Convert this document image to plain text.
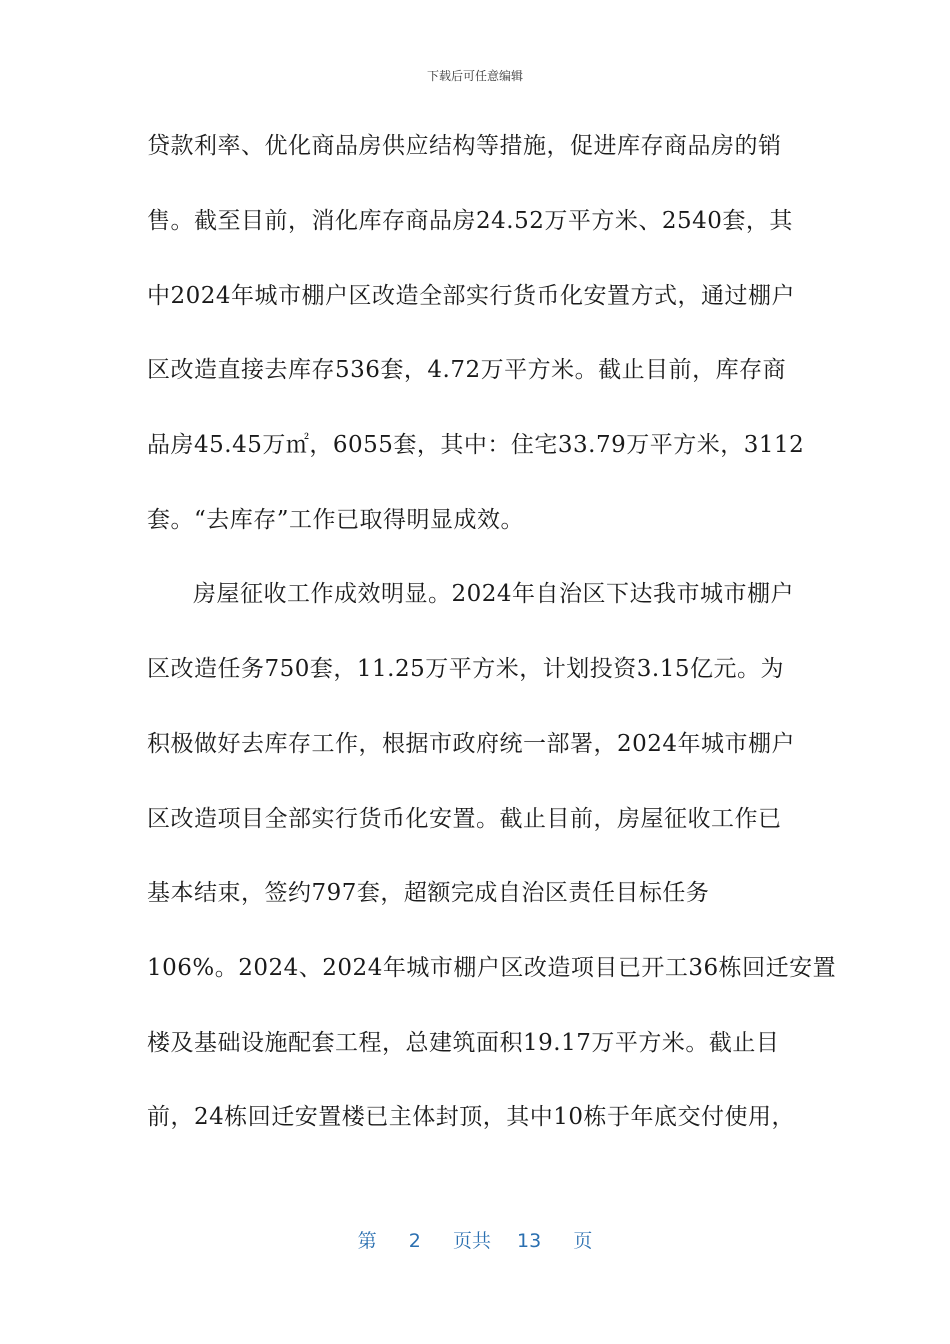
下载后可任意编辑
贷款利率、优化商品房供应结构等措施，促进库存商品房的销
售。截至目前，消化库存商品房24.52万平方米、2540套，其
中2024年城市棚户区改造全部实行货币化安置方式，通过棚户
区改造直接去库存536套，4.72万平方米。截止目前，库存商
品房45.45万㎡，6055套，其中：住宅33.79万平方米，3112
套。“去库存”工作已取得明显成效。
房屋征收工作成效明显。2024年自治区下达我市城市棚户
区改造任务750套，11.25万平方米，计划投资3.15亿元。为
积极做好去库存工作，根据市政府统一部署，2024年城市棚户
区改造项目全部实行货币化安置。截止目前，房屋征收工作已
基本结束，签约797套，超额完成自治区责任目标任务
106%。2024、2024年城市棚户区改造项目已开工36栋回迁安置
楼及基础设施配套工程，总建筑面积19.17万平方米。截止目
前，24栋回迁安置楼已主体封顶，其中10栋于年底交付使用，
第 2 页共 13 页
